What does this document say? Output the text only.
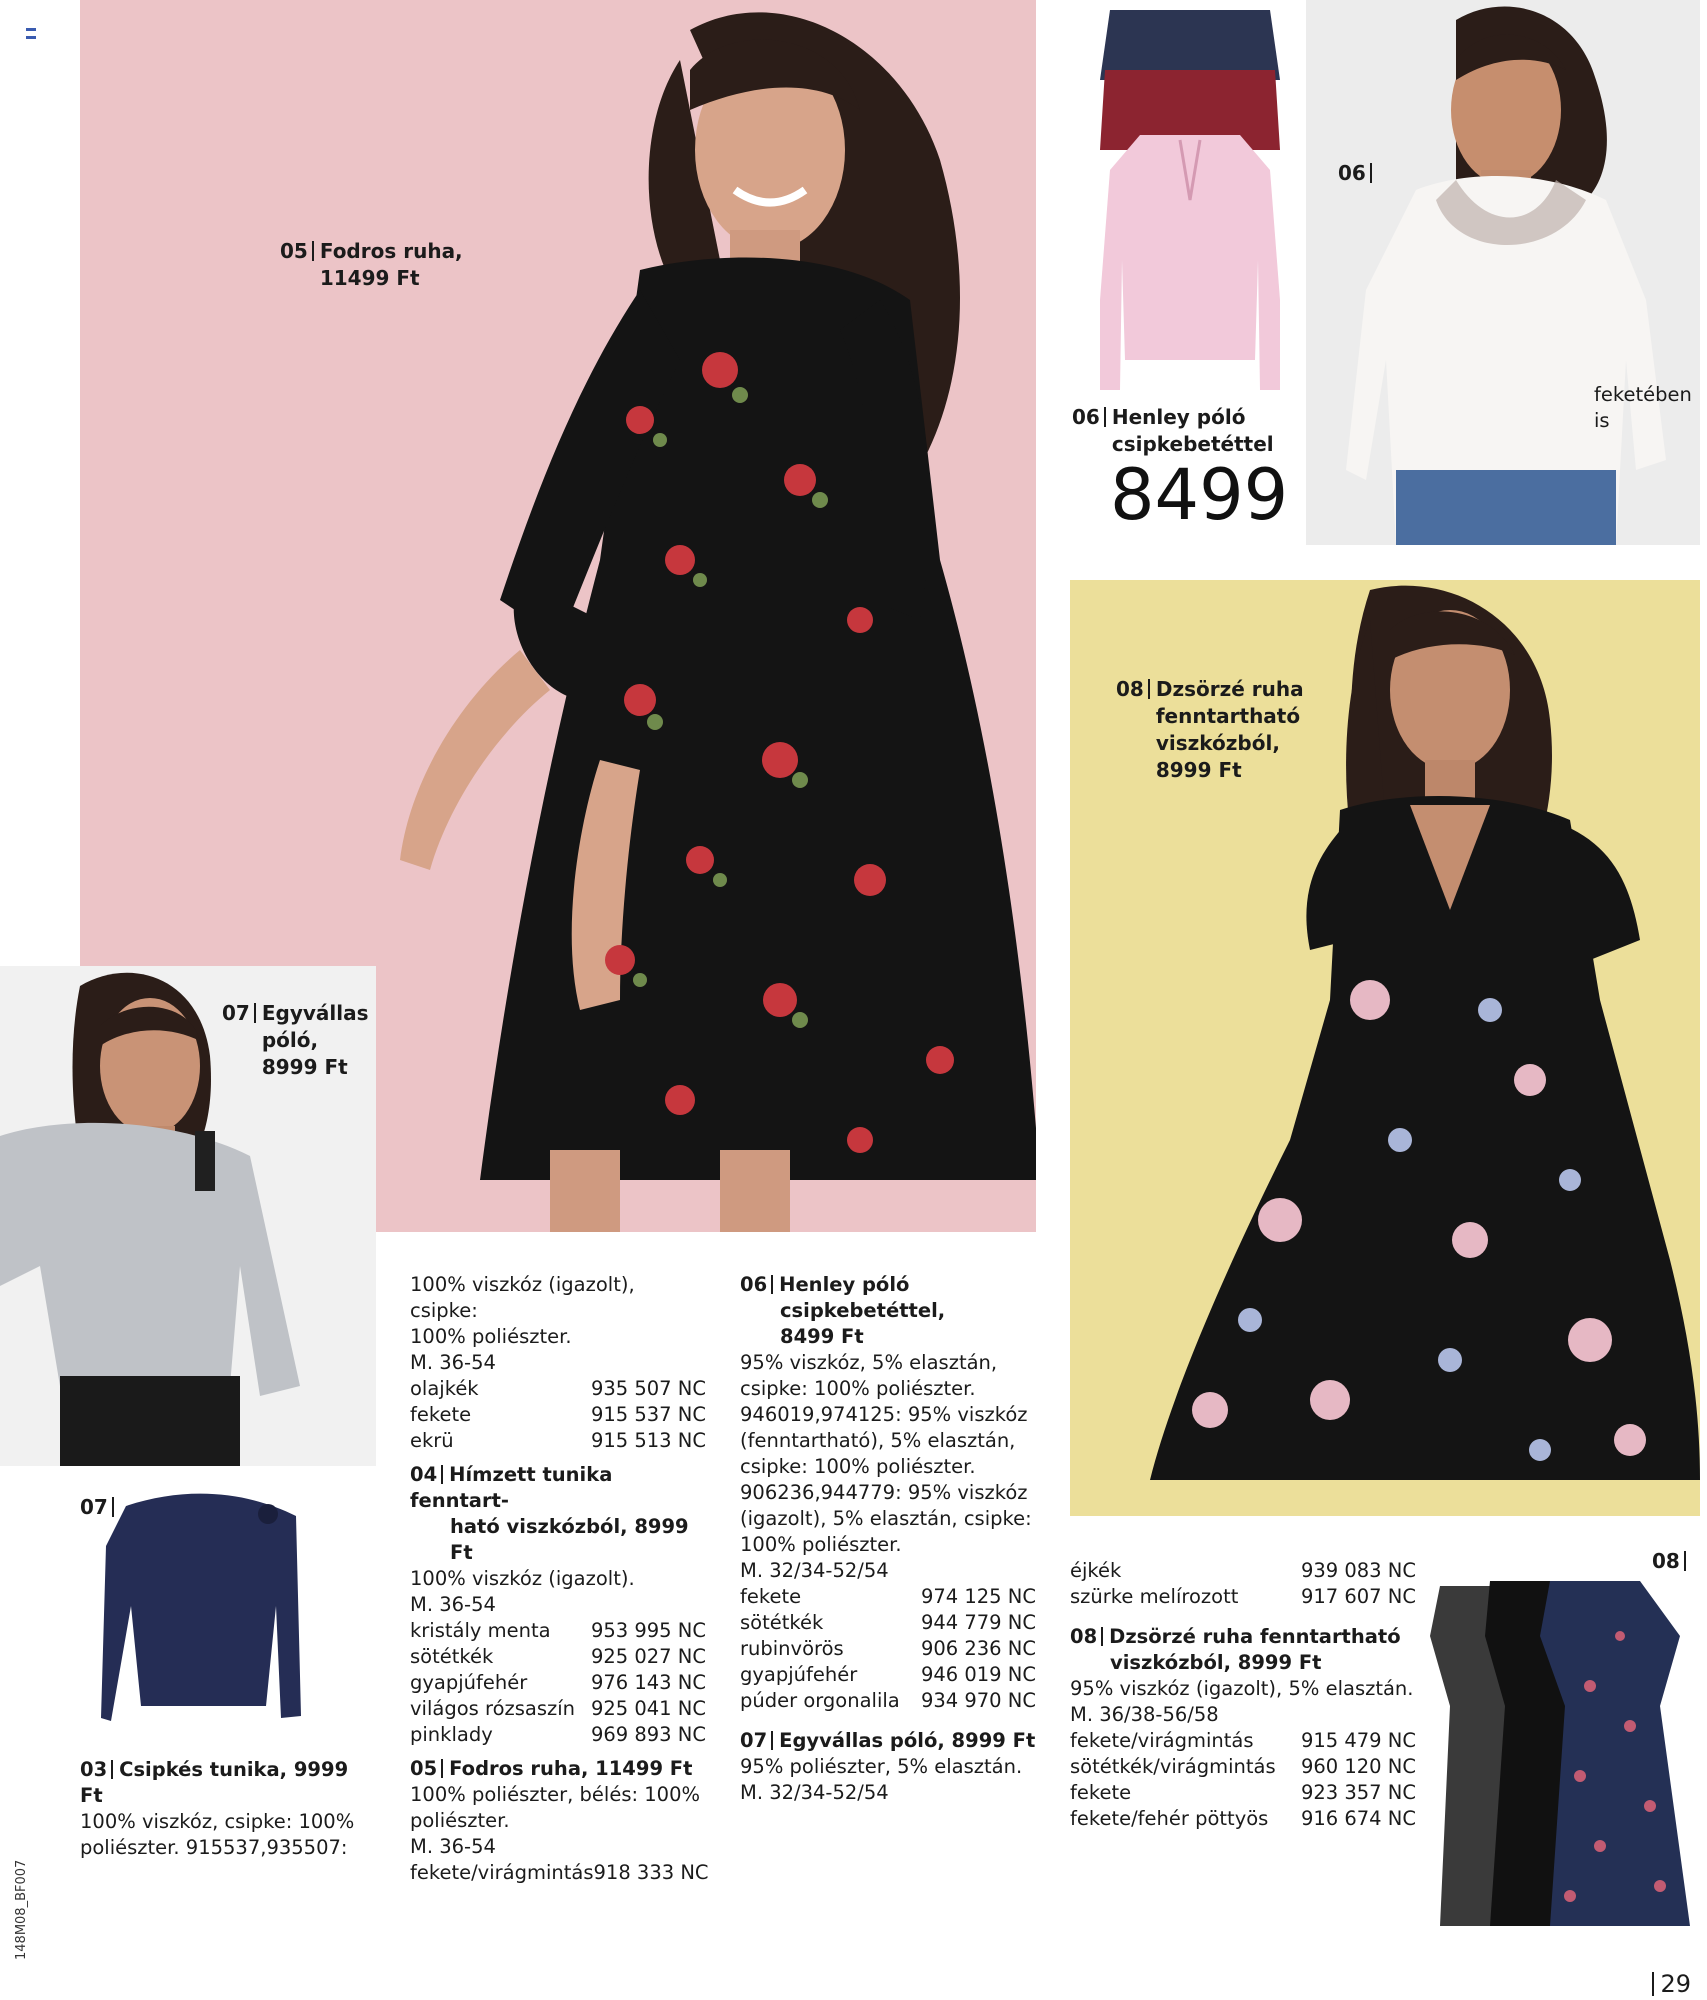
05 Fodros ruha,
11499 Ft
06 Henley póló
csipkebetéttel
8499
06
feketében
is
08 Dzsörzé ruha
fenntartható
viszkózból,
8999 Ft
07 Egyvállas
póló,
8999 Ft
07
08
03 Csipkés tunika, 9999 Ft
100% viszkóz, csipke: 100%
poliészter. 915537,935507:
100% viszkóz (igazolt), csipke:
100% poliészter.
M. 36-54
olajkék	935 507 NC
fekete	915 537 NC
ekrü	915 513 NC
04 Hímzett tunika fenntart-
ható viszkózból, 8999 Ft
100% viszkóz (igazolt).
M. 36-54
kristály menta 953 995 NC
sötétkék	925 027 NC
gyapjúfehér	976 143 NC
világos rózsaszín 925 041 NC
pinklady	969 893 NC
05 Fodros ruha, 11499 Ft
100% poliészter, bélés: 100%
poliészter.
M. 36-54
fekete/virágmintás 918 333 NC
06 Henley póló
csipkebetéttel,
8499 Ft
95% viszkóz, 5% elasztán,
csipke: 100% poliészter.
946019,974125: 95% viszkóz
(fenntartható), 5% elasztán,
csipke: 100% poliészter.
906236,944779: 95% viszkóz
(igazolt), 5% elasztán, csipke:
100% poliészter.
M. 32/34-52/54
fekete	974 125 NC
sötétkék	944 779 NC
rubinvörös	906 236 NC
gyapjúfehér	946 019 NC
púder orgonalila 934 970 NC
07 Egyvállas póló, 8999 Ft
95% poliészter, 5% elasztán.
M. 32/34-52/54
éjkék	939 083 NC
szürke melírozott	917 607 NC
08 Dzsörzé ruha fenntartható
viszkózból, 8999 Ft
95% viszkóz (igazolt), 5% elasztán.
M. 36/38-56/58
fekete/virágmintás 915 479 NC
sötétkék/virágmintás 960 120 NC
fekete	923 357 NC
fekete/fehér pöttyös 916 674 NC
148M08_BF007
29
